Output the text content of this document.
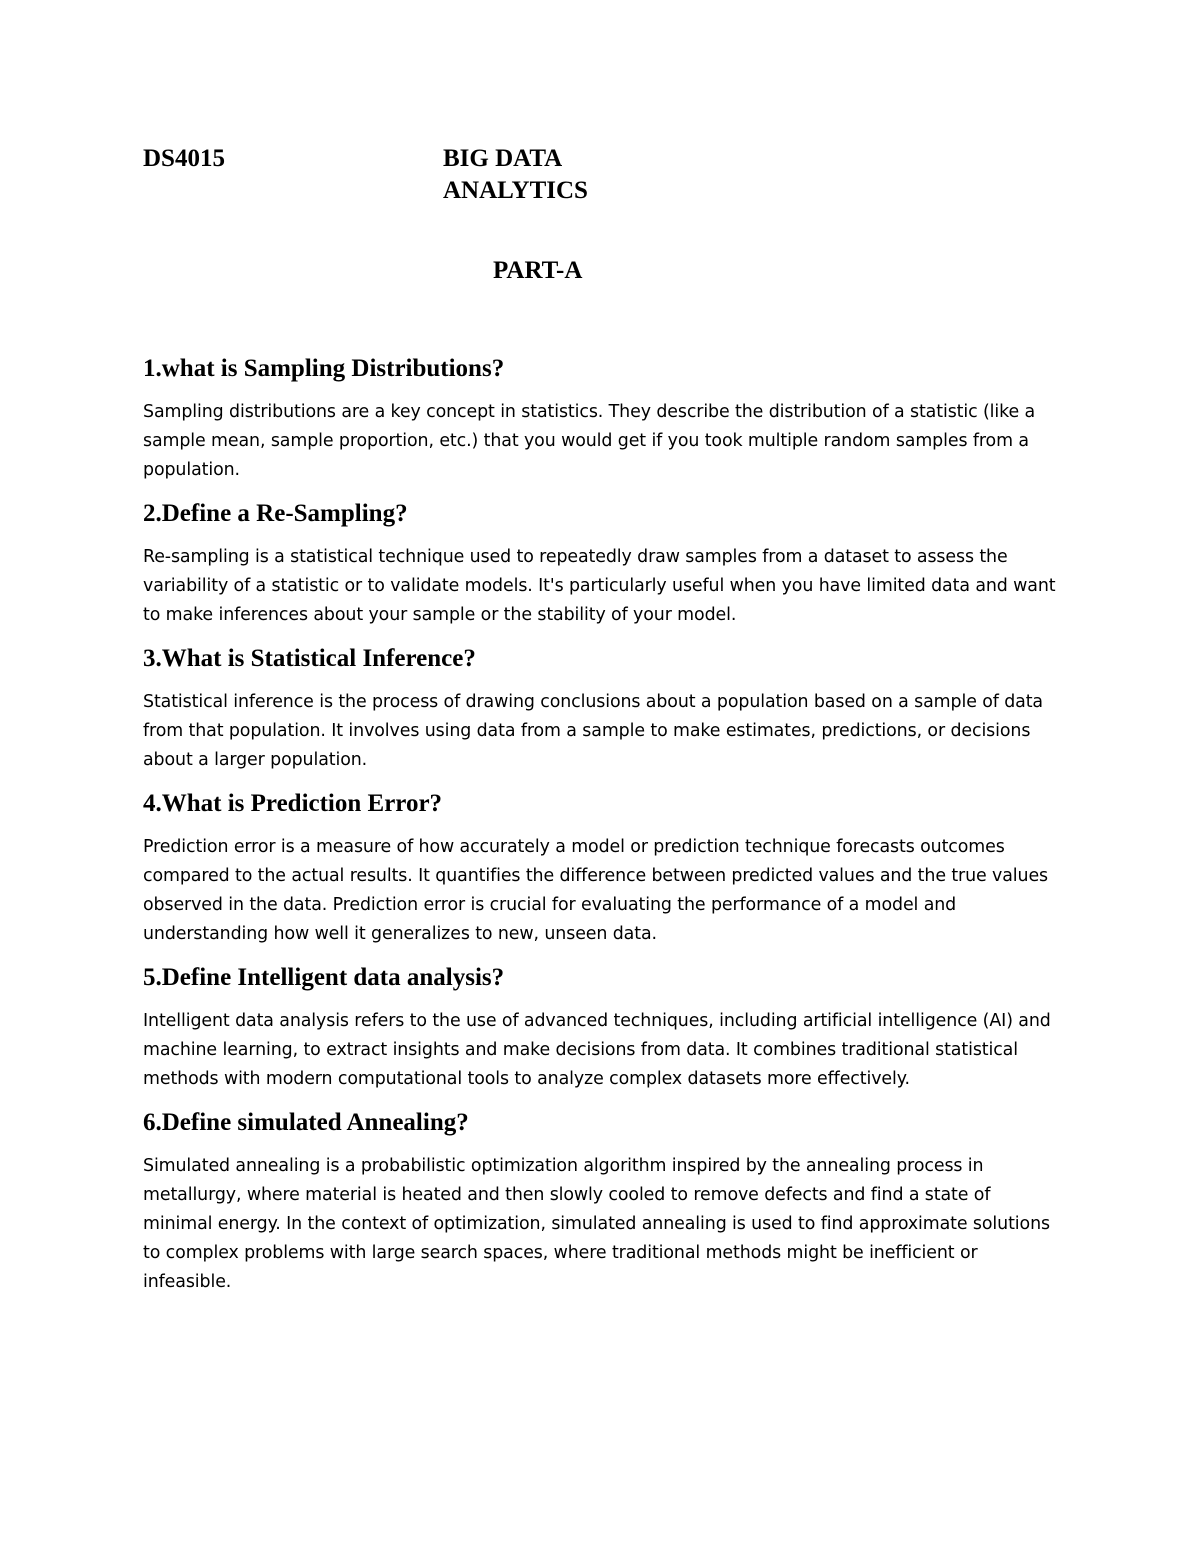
DS4015	BIG DATA
ANALYTICS
PART-A
1.what is Sampling Distributions?

Sampling distributions are a key concept in statistics. They describe the distribution of a statistic (like a sample mean, sample proportion, etc.) that you would get if you took multiple random samples from a population.

2.Define a Re-Sampling?

Re-sampling is a statistical technique used to repeatedly draw samples from a dataset to assess the variability of a statistic or to validate models. It's particularly useful when you have limited data and want to make inferences about your sample or the stability of your model.

3.What is Statistical Inference?

Statistical inference is the process of drawing conclusions about a population based on a sample of data from that population. It involves using data from a sample to make estimates, predictions, or decisions about a larger population.

4.What is Prediction Error?

Prediction error is a measure of how accurately a model or prediction technique forecasts outcomes compared to the actual results. It quantifies the difference between predicted values and the true values observed in the data. Prediction error is crucial for evaluating the performance of a model and understanding how well it generalizes to new, unseen data.

5.Define Intelligent data analysis?

Intelligent data analysis refers to the use of advanced techniques, including artificial intelligence (AI) and machine learning, to extract insights and make decisions from data. It combines traditional statistical methods with modern computational tools to analyze complex datasets more effectively.

6.Define simulated Annealing?

Simulated annealing is a probabilistic optimization algorithm inspired by the annealing process in metallurgy, where material is heated and then slowly cooled to remove defects and find a state of minimal energy. In the context of optimization, simulated annealing is used to find approximate solutions to complex problems with large search spaces, where traditional methods might be inefficient or infeasible.
